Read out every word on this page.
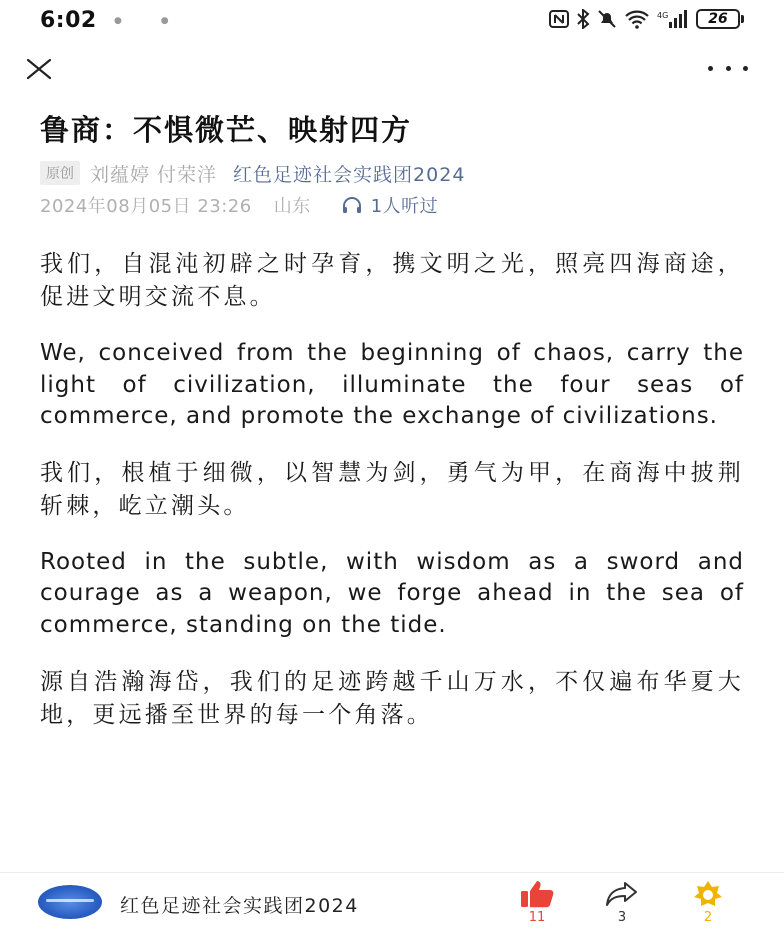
6:02 ● ●
4G	26
鲁商：不惧微芒、映射四方
原创 刘蕴婷 付荣洋 红色足迹社会实践团2024
2024年08月05日 23:26 山东	1人听过

我们，自混沌初辟之时孕育，携文明之光，照亮四海商途，促进文明交流不息。

We, conceived from the beginning of chaos, carry the light of civilization, illuminate the four seas of commerce, and promote the exchange of civilizations.

我们，根植于细微，以智慧为剑，勇气为甲，在商海中披荆斩棘，屹立潮头。

Rooted in the subtle, with wisdom as a sword and courage as a weapon, we forge ahead in the sea of commerce, standing on the tide.

源自浩瀚海岱，我们的足迹跨越千山万水，不仅遍布华夏大地，更远播至世界的每一个角落。

红色足迹社会实践团2024
11	3	2
